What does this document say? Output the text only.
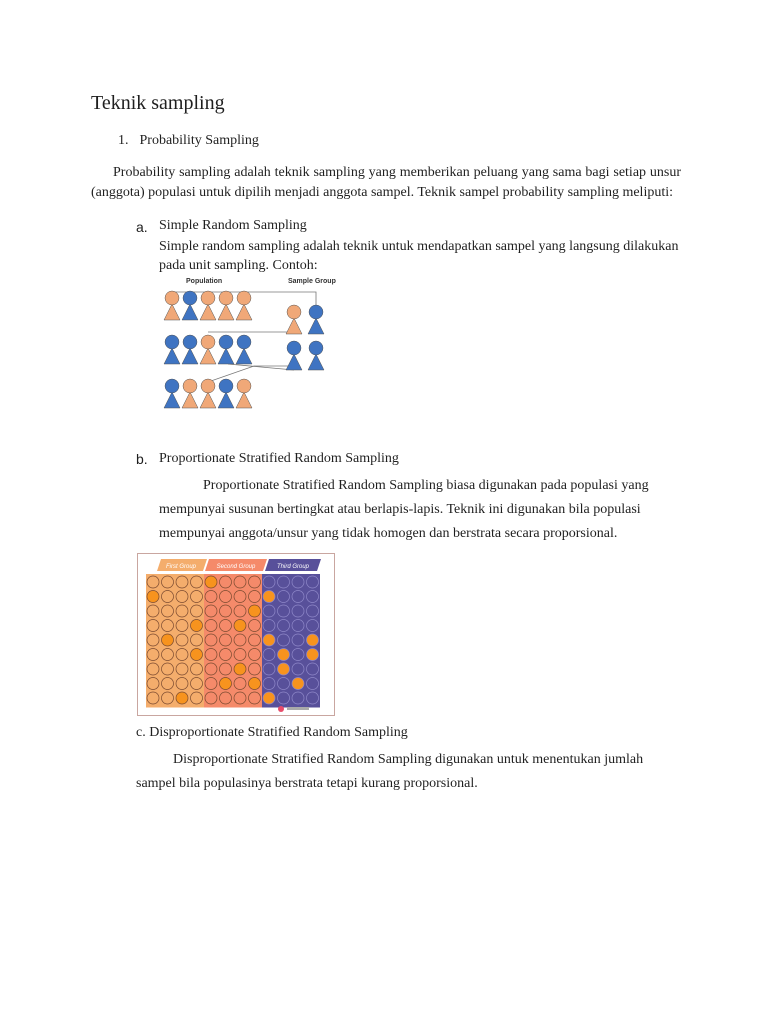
Teknik sampling
1. Probability Sampling
Probability sampling adalah teknik sampling yang memberikan peluang yang sama bagi setiap unsur (anggota) populasi untuk dipilih menjadi anggota sampel. Teknik sampel probability sampling meliputi:
a. Simple Random Sampling
Simple random sampling adalah teknik untuk mendapatkan sampel yang langsung dilakukan pada unit sampling. Contoh:
Population	Sample Group
b. Proportionate Stratified Random Sampling
Proportionate Stratified Random Sampling biasa digunakan pada populasi yang mempunyai susunan bertingkat atau berlapis-lapis. Teknik ini digunakan bila populasi mempunyai anggota/unsur yang tidak homogen dan berstrata secara proporsional.
First Group	Second Group	Third Group
c. Disproportionate Stratified Random Sampling
Disproportionate Stratified Random Sampling digunakan untuk menentukan jumlah sampel bila populasinya berstrata tetapi kurang proporsional.
